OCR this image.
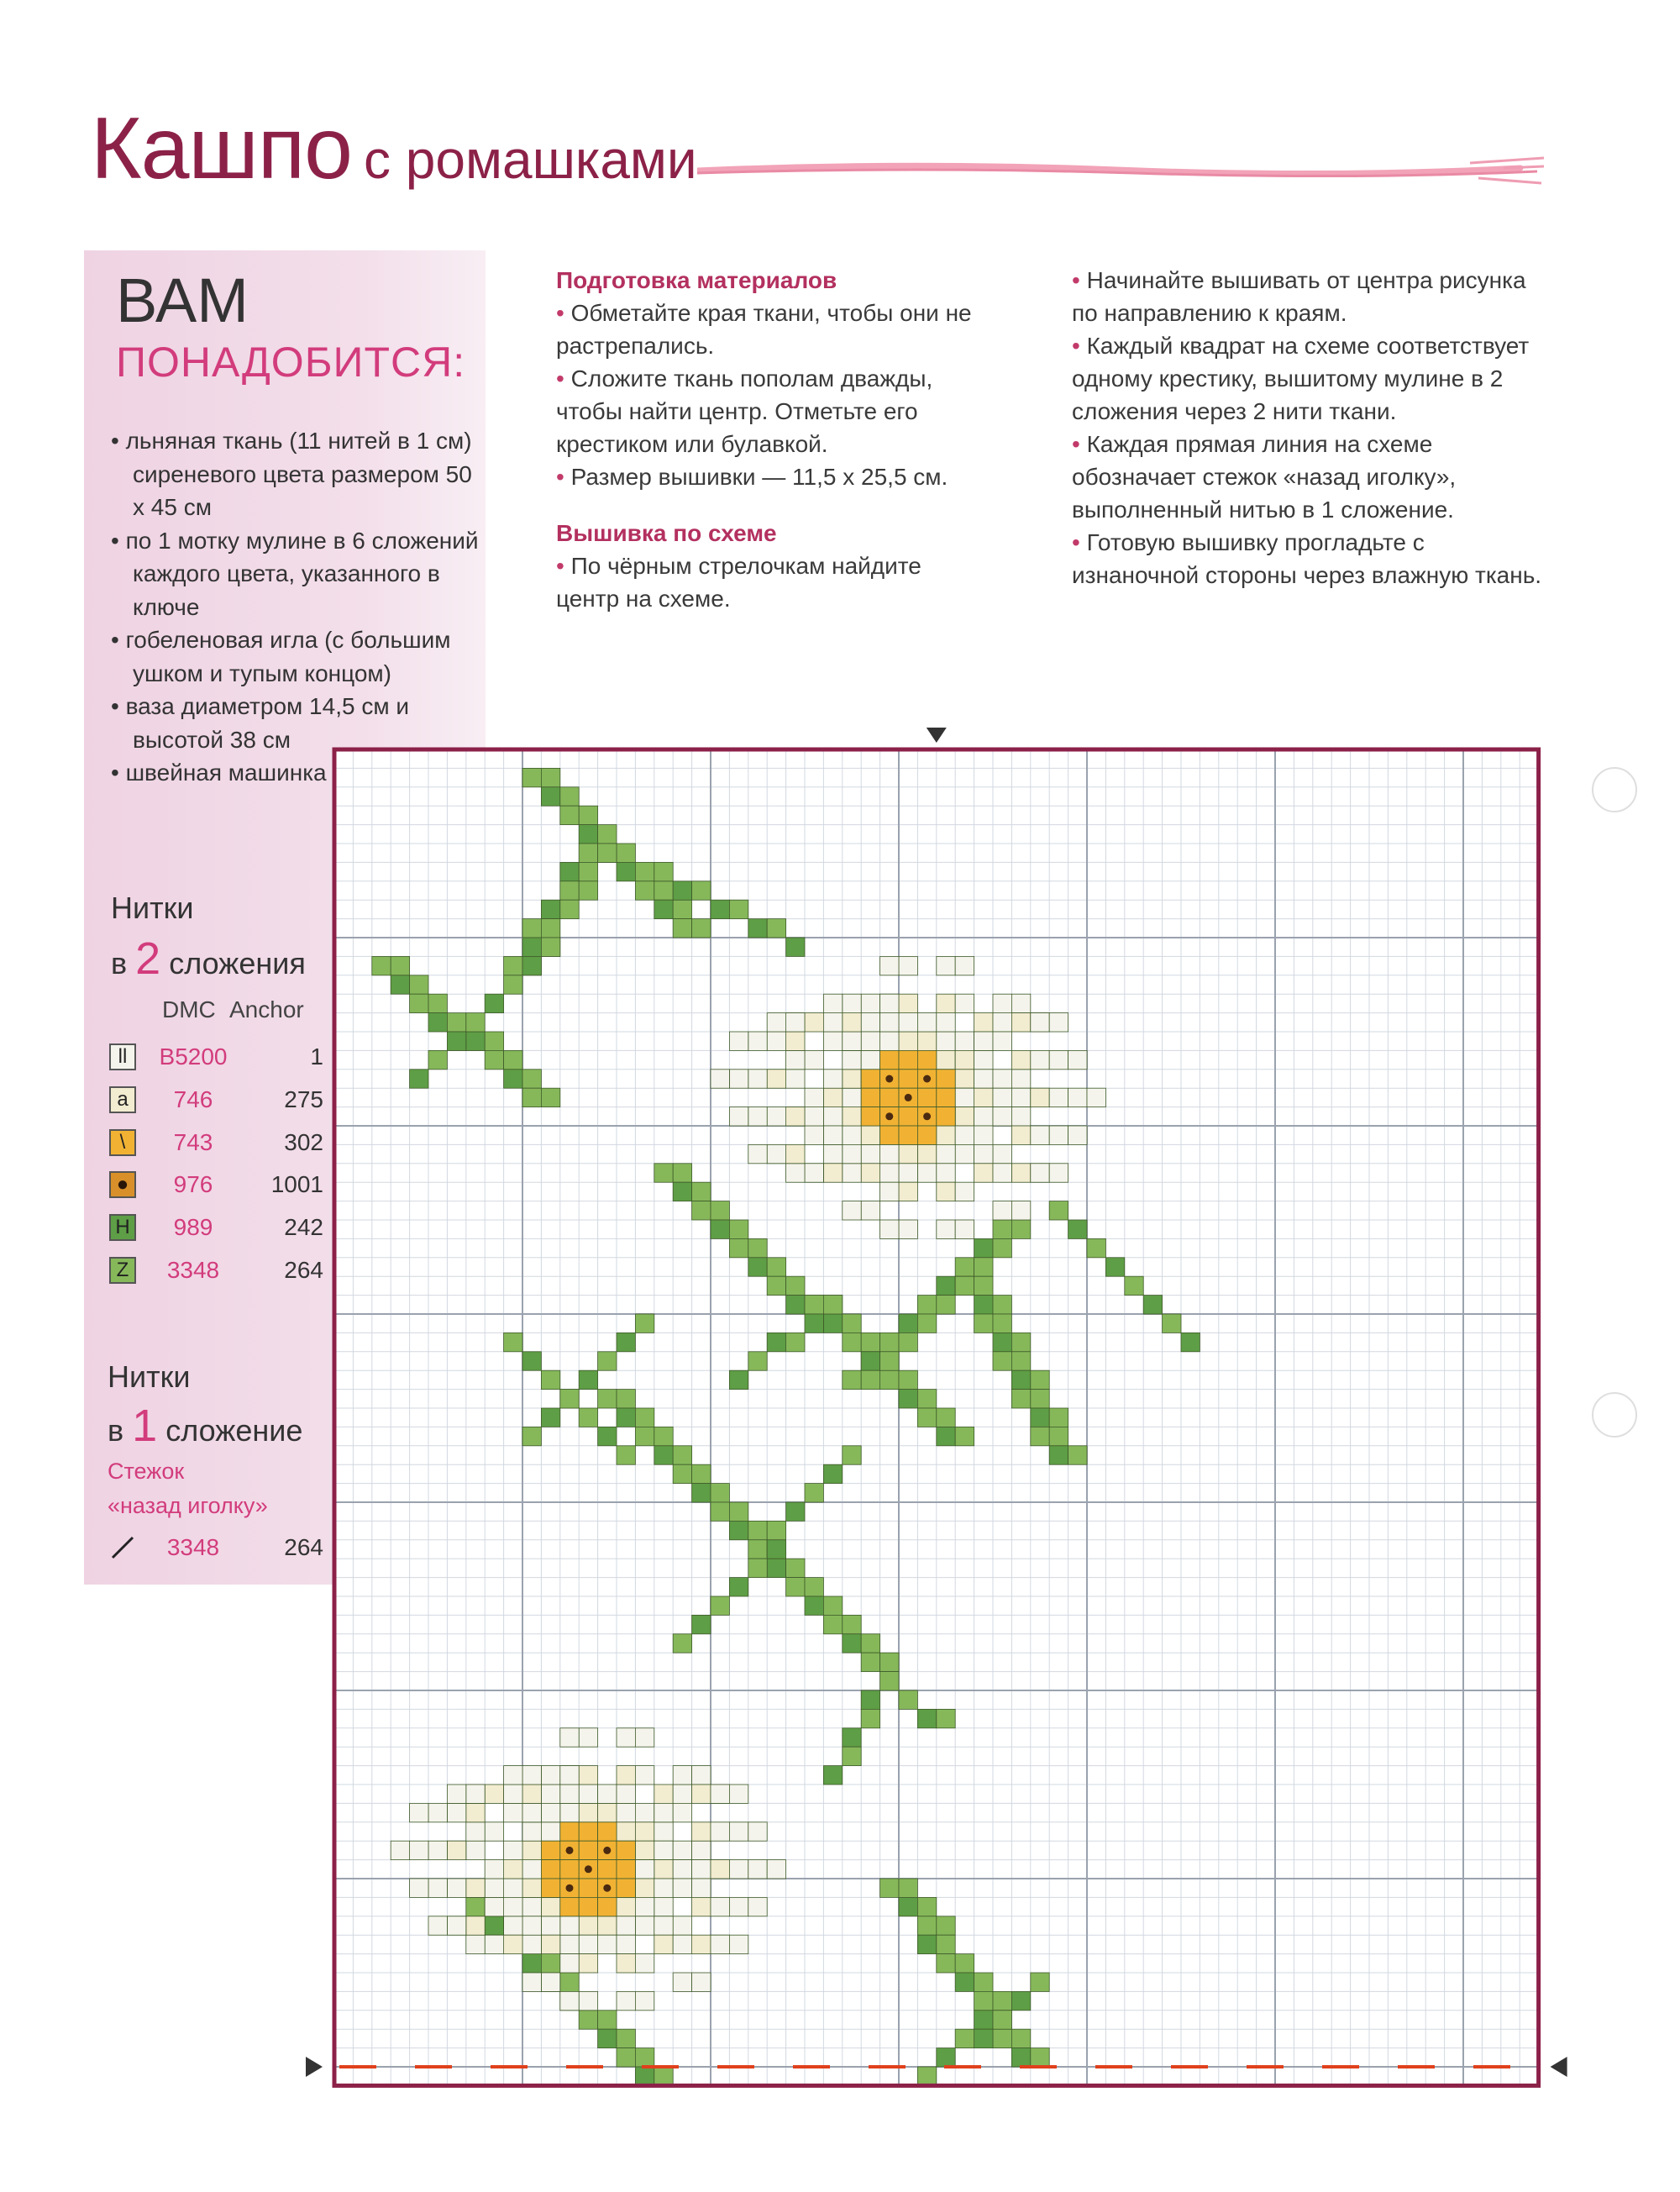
Кашпо с ромашками
ВАМ
ПОНАДОБИТСЯ:
• льняная ткань (11 нитей в 1 см) сиреневого цвета размером 50 х 45 см
• по 1 мотку мулине в 6 сложений каждого цвета, указанного в ключе
• гобеленовая игла (с большим ушком и тупым концом)
• ваза диаметром 14,5 см и высотой 38 см
• швейная машинка
Нитки
в 2 сложения
DMC Anchor
ll	B5200	1
a	746	275
\	743	302
●	976	1001
H	989	242
Z	3348	264
Нитки
в 1 сложение
Стежок
«назад иголку»
3348	264
Подготовка материалов
• Обметайте края ткани, чтобы они не растрепались.
• Сложите ткань пополам дважды, чтобы найти центр. Отметьте его крестиком или булавкой.
• Размер вышивки — 11,5 х 25,5 см.
Вышивка по схеме
• По чёрным стрелочкам найдите центр на схеме.
• Начинайте вышивать от центра рисунка по направлению к краям.
• Каждый квадрат на схеме соответствует одному крестику, вышитому мулине в 2 сложения через 2 нити ткани.
• Каждая прямая линия на схеме обозначает стежок «назад иголку», выполненный нитью в 1 сложение.
• Готовую вышивку прогладьте с изнаночной стороны через влажную ткань.
